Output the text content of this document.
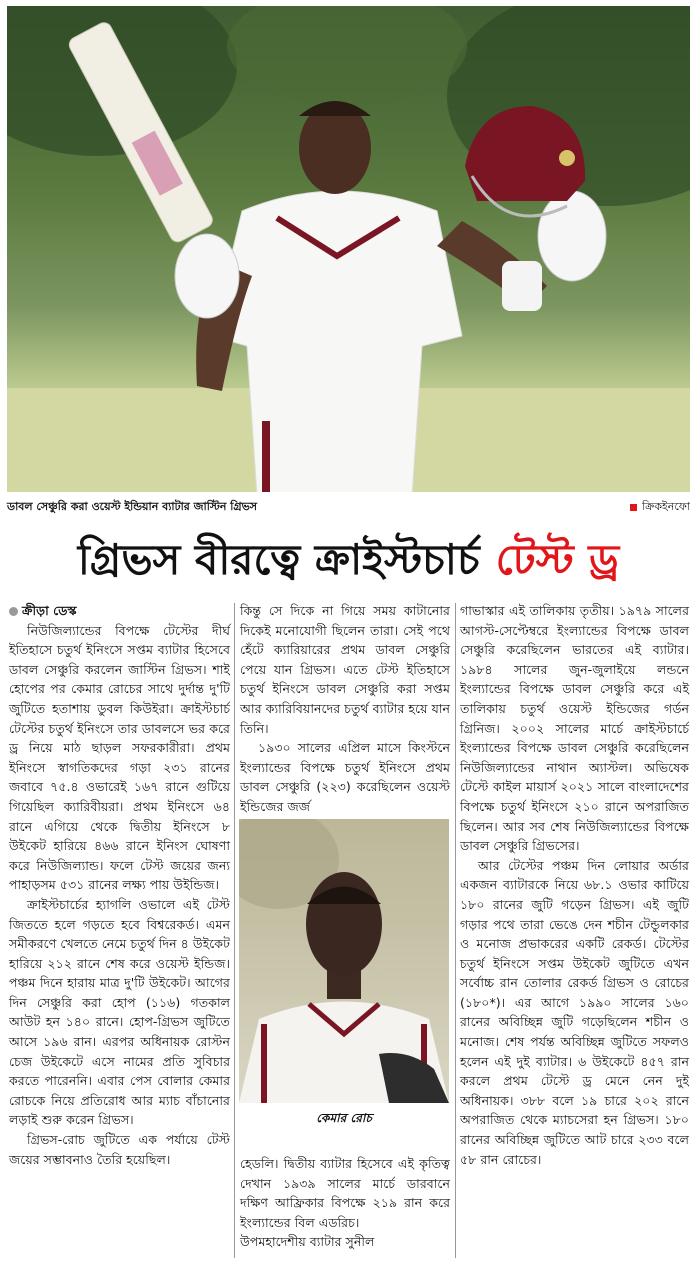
ডাবল সেঞ্চুরি করা ওয়েস্ট ইন্ডিয়ান ব্যাটার জাস্টিন গ্রিভস	ক্রিকইনফো
গ্রিভস বীরত্বে ক্রাইস্টচার্চ টেস্ট ড্র
ক্রীড়া ডেস্ক

নিউজিল্যান্ডের বিপক্ষে টেস্টের দীর্ঘ ইতিহাসে চতুর্থ ইনিংসে সপ্তম ব্যাটার হিসেবে ডাবল সেঞ্চুরি করলেন জাস্টিন গ্রিভস। শাই হোপের পর কেমার রোচের সাথে দুর্দান্ত দু'টি জুটিতে হতাশায় ডুবল কিউইরা। ক্রাইস্টচার্চ টেস্টের চতুর্থ ইনিংসে তার ডাবলসে ভর করে ড্র নিয়ে মাঠ ছাড়ল সফরকারীরা। প্রথম ইনিংসে স্বাগতিকদের গড়া ২৩১ রানের জবাবে ৭৫.৪ ওভারেই ১৬৭ রানে গুটিয়ে গিয়েছিল ক্যারিবীয়রা। প্রথম ইনিংসে ৬৪ রানে এগিয়ে থেকে দ্বিতীয় ইনিংসে ৮ উইকেট হারিয়ে ৪৬৬ রানে ইনিংস ঘোষণা করে নিউজিল্যান্ড। ফলে টেস্ট জয়ের জন্য পাহাড়সম ৫৩১ রানের লক্ষ্য পায় উইন্ডিজ।

ক্রাইস্টচার্চের হ্যাগলি ওভালে এই টেস্ট জিততে হলে গড়তে হবে বিশ্বরেকর্ড। এমন সমীকরণে খেলতে নেমে চতুর্থ দিন ৪ উইকেট হারিয়ে ২১২ রানে শেষ করে ওয়েস্ট ইন্ডিজ। পঞ্চম দিনে হারায় মাত্র দু'টি উইকেট। আগের দিন সেঞ্চুরি করা হোপ (১১৬) গতকাল আউট হন ১৪০ রানে। হোপ-গ্রিভস জুটিতে আসে ১৯৬ রান। এরপর অধিনায়ক রোস্টন চেজ উইকেটে এসে নামের প্রতি সুবিচার করতে পারেননি। এবার পেস বোলার কেমার রোচকে নিয়ে প্রতিরোধ আর ম্যাচ বাঁচানোর লড়াই শুরু করেন গ্রিভস।

গ্রিভস-রোচ জুটিতে এক পর্যায়ে টেস্ট জয়ের সম্ভাবনাও তৈরি হয়েছিল।

কিন্তু সে দিকে না গিয়ে সময় কাটানোর দিকেই মনোযোগী ছিলেন তারা। সেই পথে হেঁটে ক্যারিয়ারের প্রথম ডাবল সেঞ্চুরি পেয়ে যান গ্রিভস। এতে টেস্ট ইতিহাসে চতুর্থ ইনিংসে ডাবল সেঞ্চুরি করা সপ্তম আর ক্যারিবিয়ানদের চতুর্থ ব্যাটার হয়ে যান তিনি।

১৯৩০ সালের এপ্রিল মাসে কিংস্টনে ইংল্যান্ডের বিপক্ষে চতুর্থ ইনিংসে প্রথম ডাবল সেঞ্চুরি (২২৩) করেছিলেন ওয়েস্ট ইন্ডিজের জর্জ

কেমার রোচ

হেডলি। দ্বিতীয় ব্যাটার হিসেবে এই কৃতিত্ব দেখান ১৯৩৯ সালের মার্চে ডারবানে দক্ষিণ আফ্রিকার বিপক্ষে ২১৯ রান করে ইংল্যান্ডের বিল এডরিচ।

উপমহাদেশীয় ব্যাটার সুনীল

গাভাস্কার এই তালিকায় তৃতীয়। ১৯৭৯ সালের আগস্ট-সেপ্টেম্বরে ইংল্যান্ডের বিপক্ষে ডাবল সেঞ্চুরি করেছিলেন ভারতের এই ব্যাটার। ১৯৮৪ সালের জুন-জুলাইয়ে লন্ডনে ইংল্যান্ডের বিপক্ষে ডাবল সেঞ্চুরি করে এই তালিকায় চতুর্থ ওয়েস্ট ইন্ডিজের গর্ডন গ্রিনিজ। ২০০২ সালের মার্চে ক্রাইস্টচার্চে ইংল্যান্ডের বিপক্ষে ডাবল সেঞ্চুরি করেছিলেন নিউজিল্যান্ডের নাথান অ্যাস্টল। অভিষেক টেস্টে কাইল মায়ার্স ২০২১ সালে বাংলাদেশের বিপক্ষে চতুর্থ ইনিংসে ২১০ রানে অপরাজিত ছিলেন। আর সব শেষ নিউজিল্যান্ডের বিপক্ষে ডাবল সেঞ্চুরি গ্রিভসের।

আর টেস্টের পঞ্চম দিন লোয়ার অর্ডার একজন ব্যাটারকে নিয়ে ৬৮.১ ওভার কাটিয়ে ১৮০ রানের জুটি গড়েন গ্রিভস। এই জুটি গড়ার পথে তারা ভেঙে দেন শচীন টেন্ডুলকার ও মনোজ প্রভাকরের একটি রেকর্ড। টেস্টের চতুর্থ ইনিংসে সপ্তম উইকেট জুটিতে এখন সর্বোচ্চ রান তোলার রেকর্ড গ্রিভস ও রোচের (১৮০*)। এর আগে ১৯৯০ সালের ১৬০ রানের অবিচ্ছিন্ন জুটি গড়েছিলেন শচীন ও মনোজ। শেষ পর্যন্ত অবিচ্ছিন্ন জুটিতে সফলও হলেন এই দুই ব্যাটার। ৬ উইকেটে ৪৫৭ রান করলে প্রথম টেস্টে ড্র মেনে নেন দুই অধিনায়ক। ৩৮৮ বলে ১৯ চারে ২০২ রানে অপরাজিত থেকে ম্যাচসেরা হন গ্রিভস। ১৮০ রানের অবিচ্ছিন্ন জুটিতে আট চারে ২৩৩ বলে ৫৮ রান রোচের।
